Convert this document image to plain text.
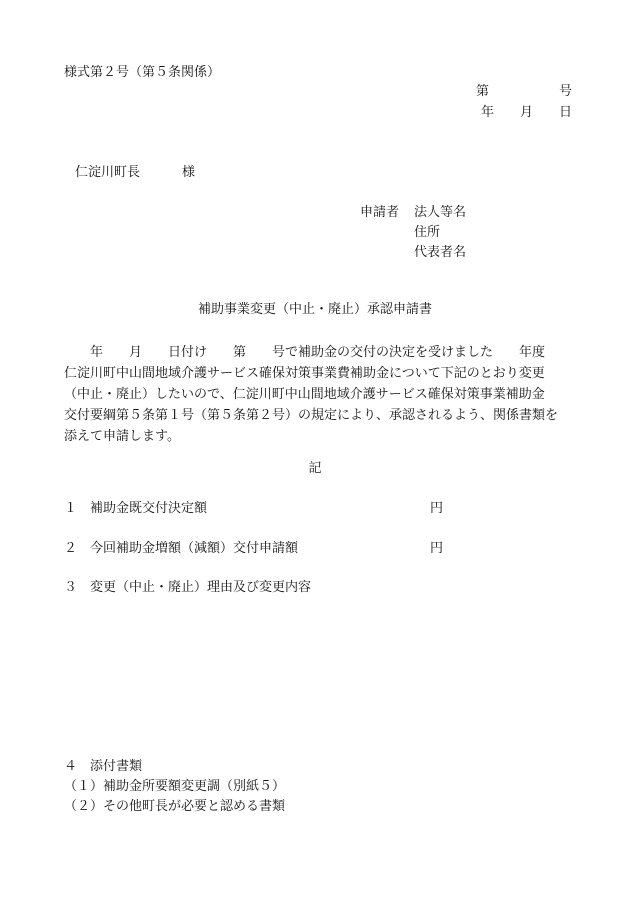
様式第２号（第５条関係）
第	号
年 月 日
仁淀川町長	様
申請者 法人等名
住所
代表者名
補助事業変更（中止・廃止）承認申請書
　　年　　月　　日付け　　第　　号で補助金の交付の決定を受けました　　年度
仁淀川町中山間地域介護サービス確保対策事業費補助金について下記のとおり変更
（中止・廃止）したいので、仁淀川町中山間地域介護サービス確保対策事業補助金
交付要綱第５条第１号（第５条第２号）の規定により、承認されるよう、関係書類を
添えて申請します。
記
１ 補助金既交付決定額	円
２ 今回補助金増額（減額）交付申請額	円
３ 変更（中止・廃止）理由及び変更内容
４ 添付書類
（１）補助金所要額変更調（別紙５）
（２）その他町長が必要と認める書類
